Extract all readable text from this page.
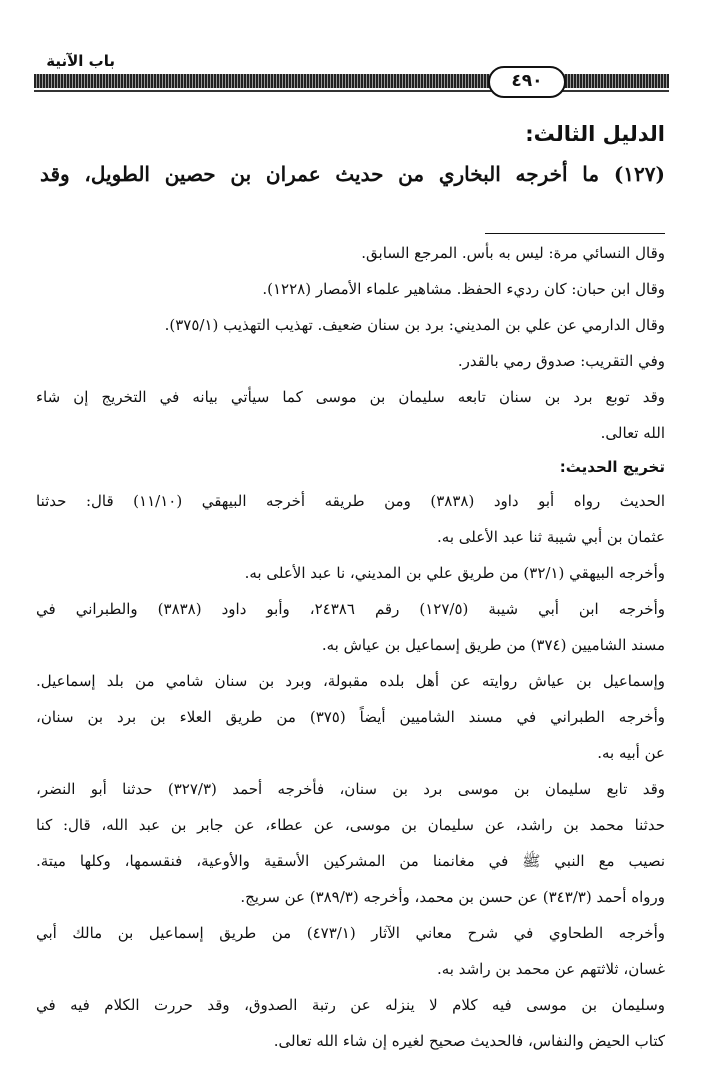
باب الآنية
٤٩٠
الدليل الثالث:
(١٢٧) ما أخرجه البخاري من حديث عمران بن حصين الطويل، وقد
وقال النسائي مرة: ليس به بأس. المرجع السابق.
وقال ابن حبان: كان رديء الحفظ. مشاهير علماء الأمصار (١٢٢٨).
وقال الدارمي عن علي بن المديني: برد بن سنان ضعيف. تهذيب التهذيب (٣٧٥/١).
وفي التقريب: صدوق رمي بالقدر.
وقد توبع برد بن سنان تابعه سليمان بن موسى كما سيأتي بيانه في التخريج إن شاء
الله تعالى.
تخريج الحديث:
الحديث رواه أبو داود (٣٨٣٨) ومن طريقه أخرجه البيهقي (١١/١٠) قال: حدثنا
عثمان بن أبي شيبة ثنا عبد الأعلى به.
وأخرجه البيهقي (٣٢/١) من طريق علي بن المديني، نا عبد الأعلى به.
وأخرجه ابن أبي شيبة (١٢٧/٥) رقم ٢٤٣٨٦، وأبو داود (٣٨٣٨) والطبراني في
مسند الشاميين (٣٧٤) من طريق إسماعيل بن عياش به.
وإسماعيل بن عياش روايته عن أهل بلده مقبولة، وبرد بن سنان شامي من بلد إسماعيل.
وأخرجه الطبراني في مسند الشاميين أيضاً (٣٧٥) من طريق العلاء بن برد بن سنان،
عن أبيه به.
وقد تابع سليمان بن موسى برد بن سنان، فأخرجه أحمد (٣٢٧/٣) حدثنا أبو النضر،
حدثنا محمد بن راشد، عن سليمان بن موسى، عن عطاء، عن جابر بن عبد الله، قال: كنا
نصيب مع النبي ﷺ في مغانمنا من المشركين الأسقية والأوعية، فنقسمها، وكلها ميتة.
ورواه أحمد (٣٤٣/٣) عن حسن بن محمد، وأخرجه (٣٨٩/٣) عن سريج.
وأخرجه الطحاوي في شرح معاني الآثار (٤٧٣/١) من طريق إسماعيل بن مالك أبي
غسان، ثلاثتهم عن محمد بن راشد به.
وسليمان بن موسى فيه كلام لا ينزله عن رتبة الصدوق، وقد حررت الكلام فيه في
كتاب الحيض والنفاس، فالحديث صحيح لغيره إن شاء الله تعالى.
